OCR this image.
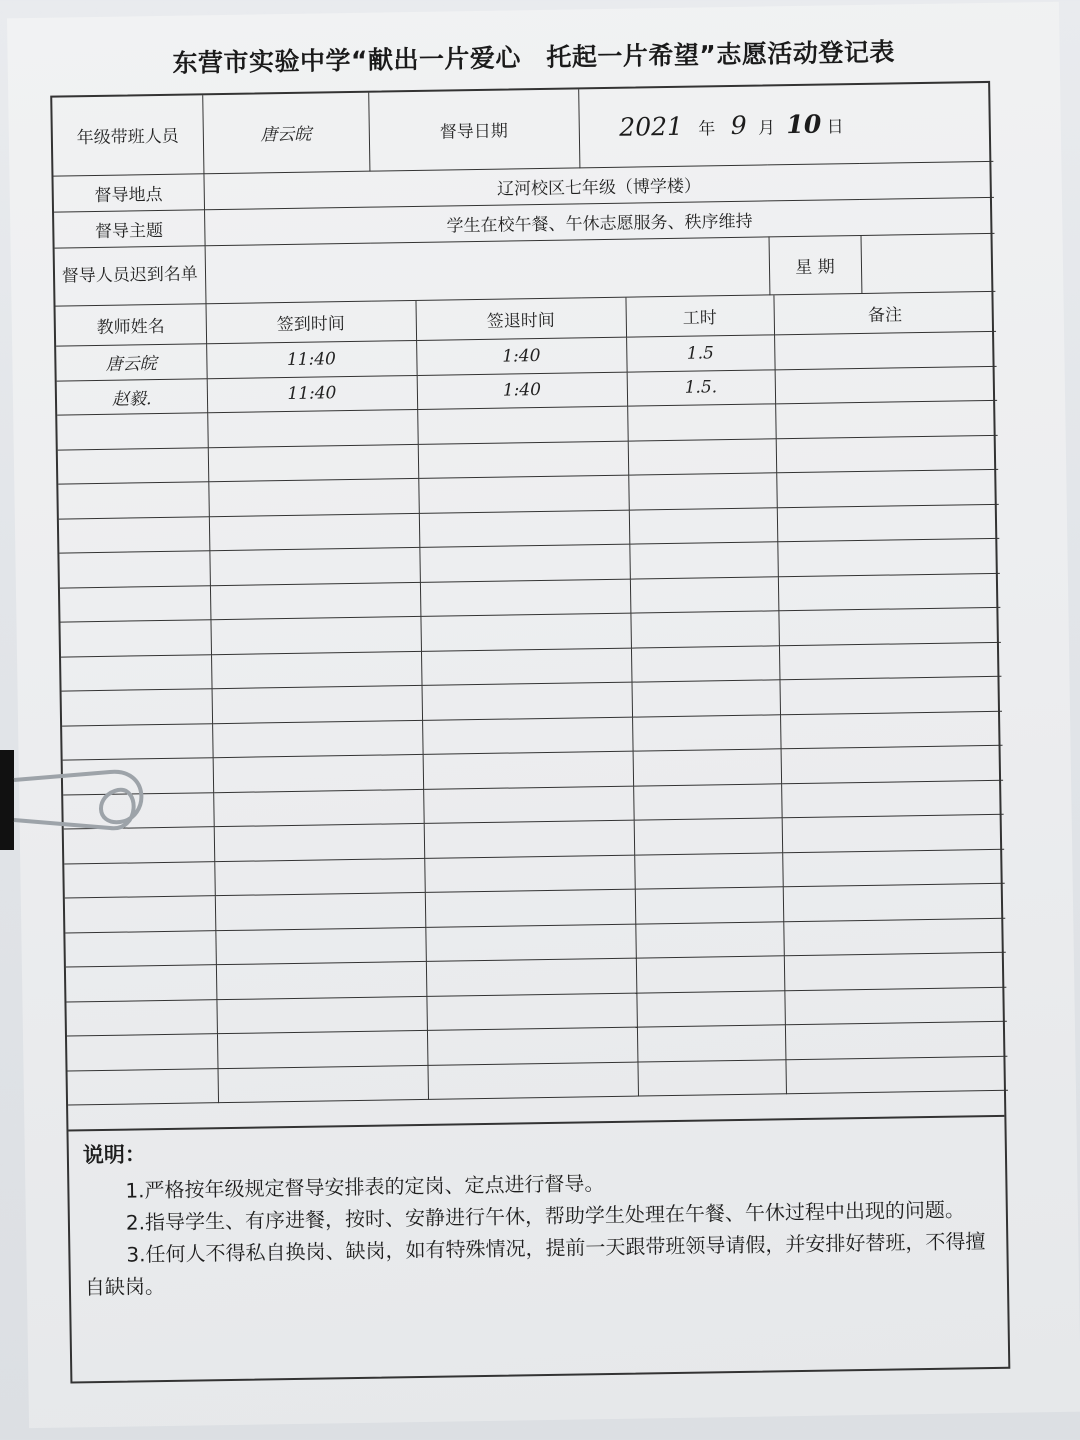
东营市实验中学“献出一片爱心　托起一片希望”志愿活动登记表
年级带班人员	唐云皖	督导日期	2021 年 9 月 10 日		
督导地点	辽河校区七年级（博学楼）				
督导主题	学生在校午餐、午休志愿服务、秩序维持				
督导人员迟到名单				星 期	
教师姓名	签到时间	签退时间	工时	备注
唐云皖	11:40	1:40	1.5	
赵毅.	11:40	1:40	1.5.	

说明：
1.严格按年级规定督导安排表的定岗、定点进行督导。
2.指导学生、有序进餐，按时、安静进行午休，帮助学生处理在午餐、午休过程中出现的问题。
3.任何人不得私自换岗、缺岗，如有特殊情况，提前一天跟带班领导请假，并安排好替班，不得擅自缺岗。
